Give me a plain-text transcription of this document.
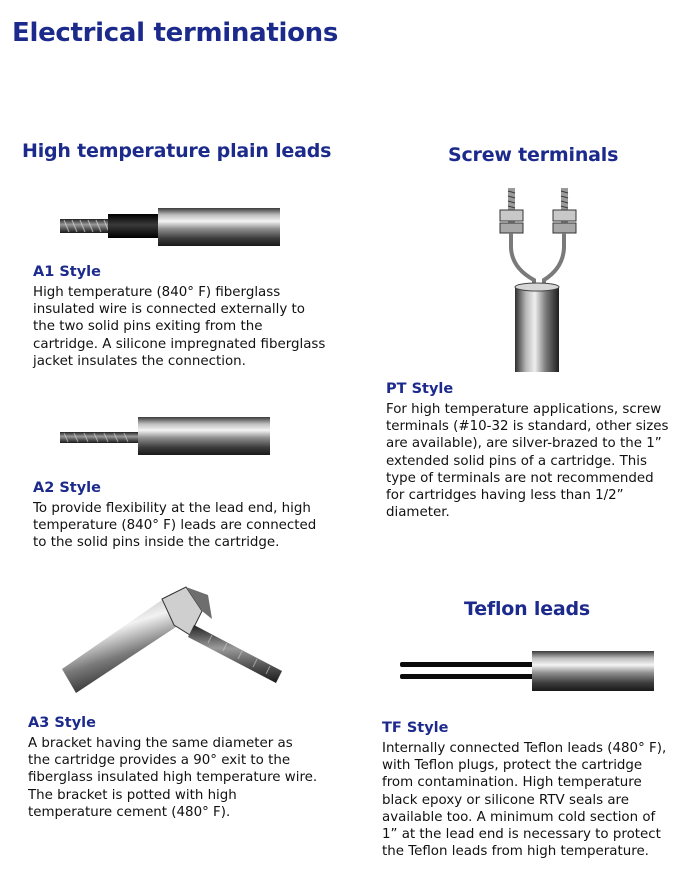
Electrical terminations
High temperature plain leads	Screw terminals
Teflon leads
A1 Style
High temperature (840° F) fiberglass
insulated wire is connected externally to
the two solid pins exiting from the
cartridge. A silicone impregnated fiberglass
jacket insulates the connection.
A2 Style
To provide flexibility at the lead end, high
temperature (840° F) leads are connected
to the solid pins inside the cartridge.
A3 Style
A bracket having the same diameter as
the cartridge provides a 90° exit to the
fiberglass insulated high temperature wire.
The bracket is potted with high
temperature cement (480° F).
PT Style
For high temperature applications, screw
terminals (#10-32 is standard, other sizes
are available), are silver-brazed to the 1”
extended solid pins of a cartridge. This
type of terminals are not recommended
for cartridges having less than 1/2”
diameter.
TF Style
Internally connected Teflon leads (480° F),
with Teflon plugs, protect the cartridge
from contamination. High temperature
black epoxy or silicone RTV seals are
available too. A minimum cold section of
1” at the lead end is necessary to protect
the Teflon leads from high temperature.
